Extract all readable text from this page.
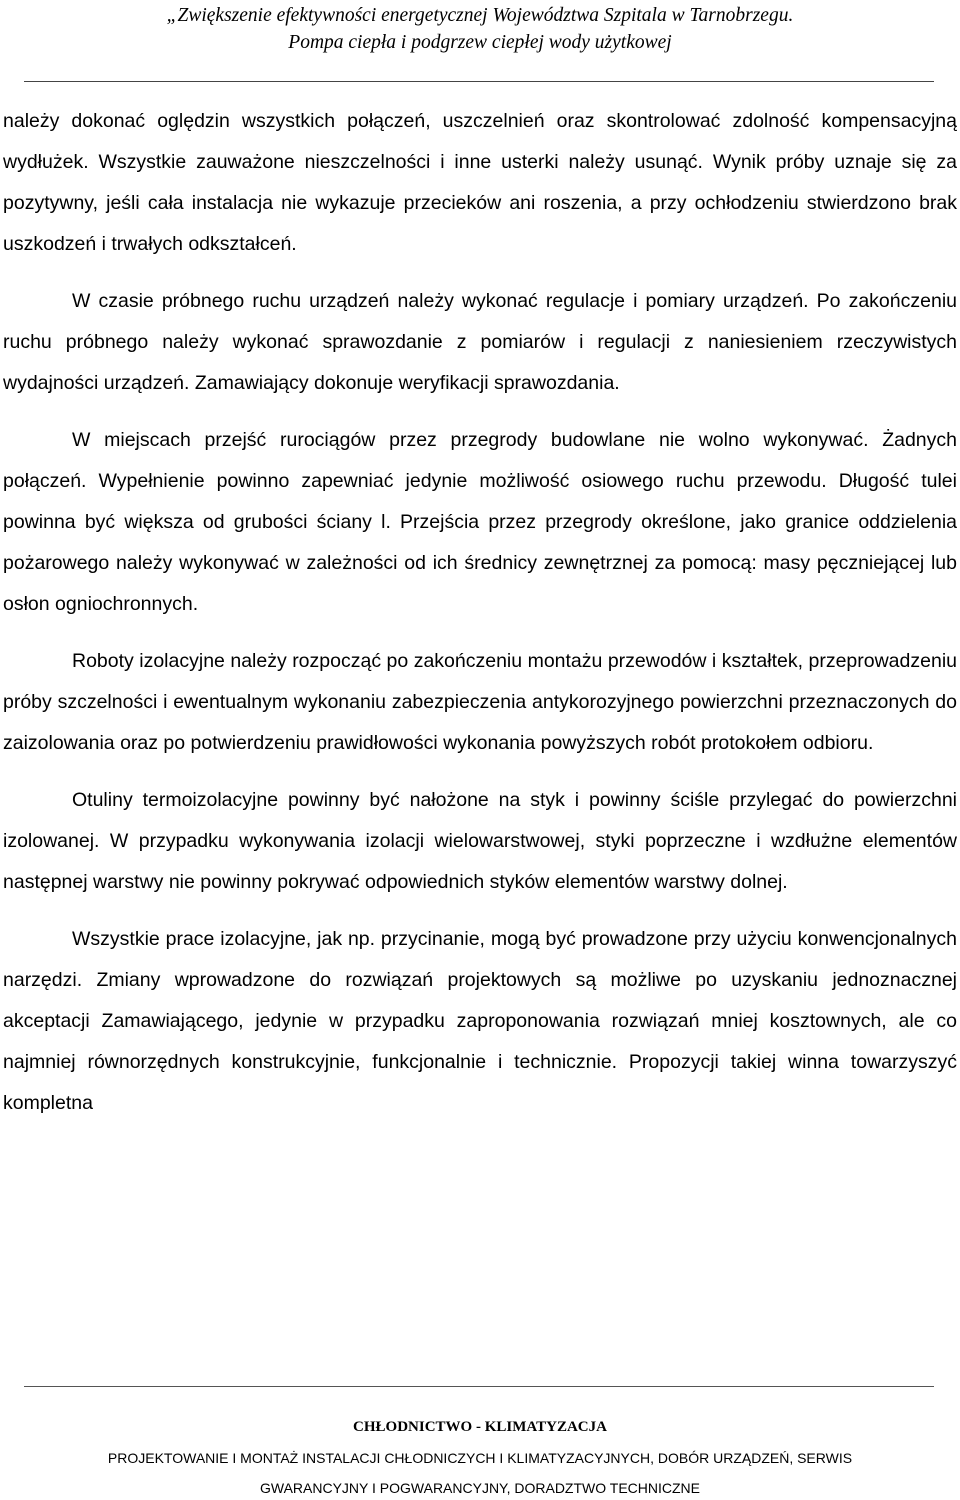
„Zwiększenie efektywności energetycznej Województwa Szpitala w Tarnobrzegu.
Pompa ciepła i podgrzew ciepłej wody użytkowej

należy dokonać oględzin wszystkich połączeń, uszczelnień oraz skontrolować zdolność kompensacyjną wydłużek. Wszystkie zauważone nieszczelności i inne usterki należy usunąć. Wynik próby uznaje się za pozytywny, jeśli cała instalacja nie wykazuje przecieków ani roszenia, a przy ochłodzeniu stwierdzono brak uszkodzeń i trwałych odkształceń.

W czasie próbnego ruchu urządzeń należy wykonać regulacje i pomiary urządzeń. Po zakończeniu ruchu próbnego należy wykonać sprawozdanie z pomiarów i regulacji z naniesieniem rzeczywistych wydajności urządzeń. Zamawiający dokonuje weryfikacji sprawozdania.

W miejscach przejść rurociągów przez przegrody budowlane nie wolno wykonywać. Żadnych połączeń. Wypełnienie powinno zapewniać jedynie możliwość osiowego ruchu przewodu. Długość tulei powinna być większa od grubości ściany l. Przejścia przez przegrody określone, jako granice oddzielenia pożarowego należy wykonywać w zależności od ich średnicy zewnętrznej za pomocą: masy pęczniejącej lub osłon ogniochronnych.

Roboty izolacyjne należy rozpocząć po zakończeniu montażu przewodów i kształtek, przeprowadzeniu próby szczelności i ewentualnym wykonaniu zabezpieczenia antykorozyjnego powierzchni przeznaczonych do zaizolowania oraz po potwierdzeniu prawidłowości wykonania powyższych robót protokołem odbioru.

Otuliny termoizolacyjne powinny być nałożone na styk i powinny ściśle przylegać do powierzchni izolowanej. W przypadku wykonywania izolacji wielowarstwowej, styki poprzeczne i wzdłużne elementów następnej warstwy nie powinny pokrywać odpowiednich styków elementów warstwy dolnej.

Wszystkie prace izolacyjne, jak np. przycinanie, mogą być prowadzone przy użyciu konwencjonalnych narzędzi. Zmiany wprowadzone do rozwiązań projektowych są możliwe po uzyskaniu jednoznacznej akceptacji Zamawiającego, jedynie w przypadku zaproponowania rozwiązań mniej kosztownych, ale co najmniej równorzędnych konstrukcyjnie, funkcjonalnie i technicznie. Propozycji takiej winna towarzyszyć kompletna

CHŁODNICTWO - KLIMATYZACJA
PROJEKTOWANIE I MONTAŻ INSTALACJI CHŁODNICZYCH I KLIMATYZACYJNYCH, DOBÓR URZĄDZEŃ, SERWIS
GWARANCYJNY I POGWARANCYJNY, DORADZTWO TECHNICZNE
